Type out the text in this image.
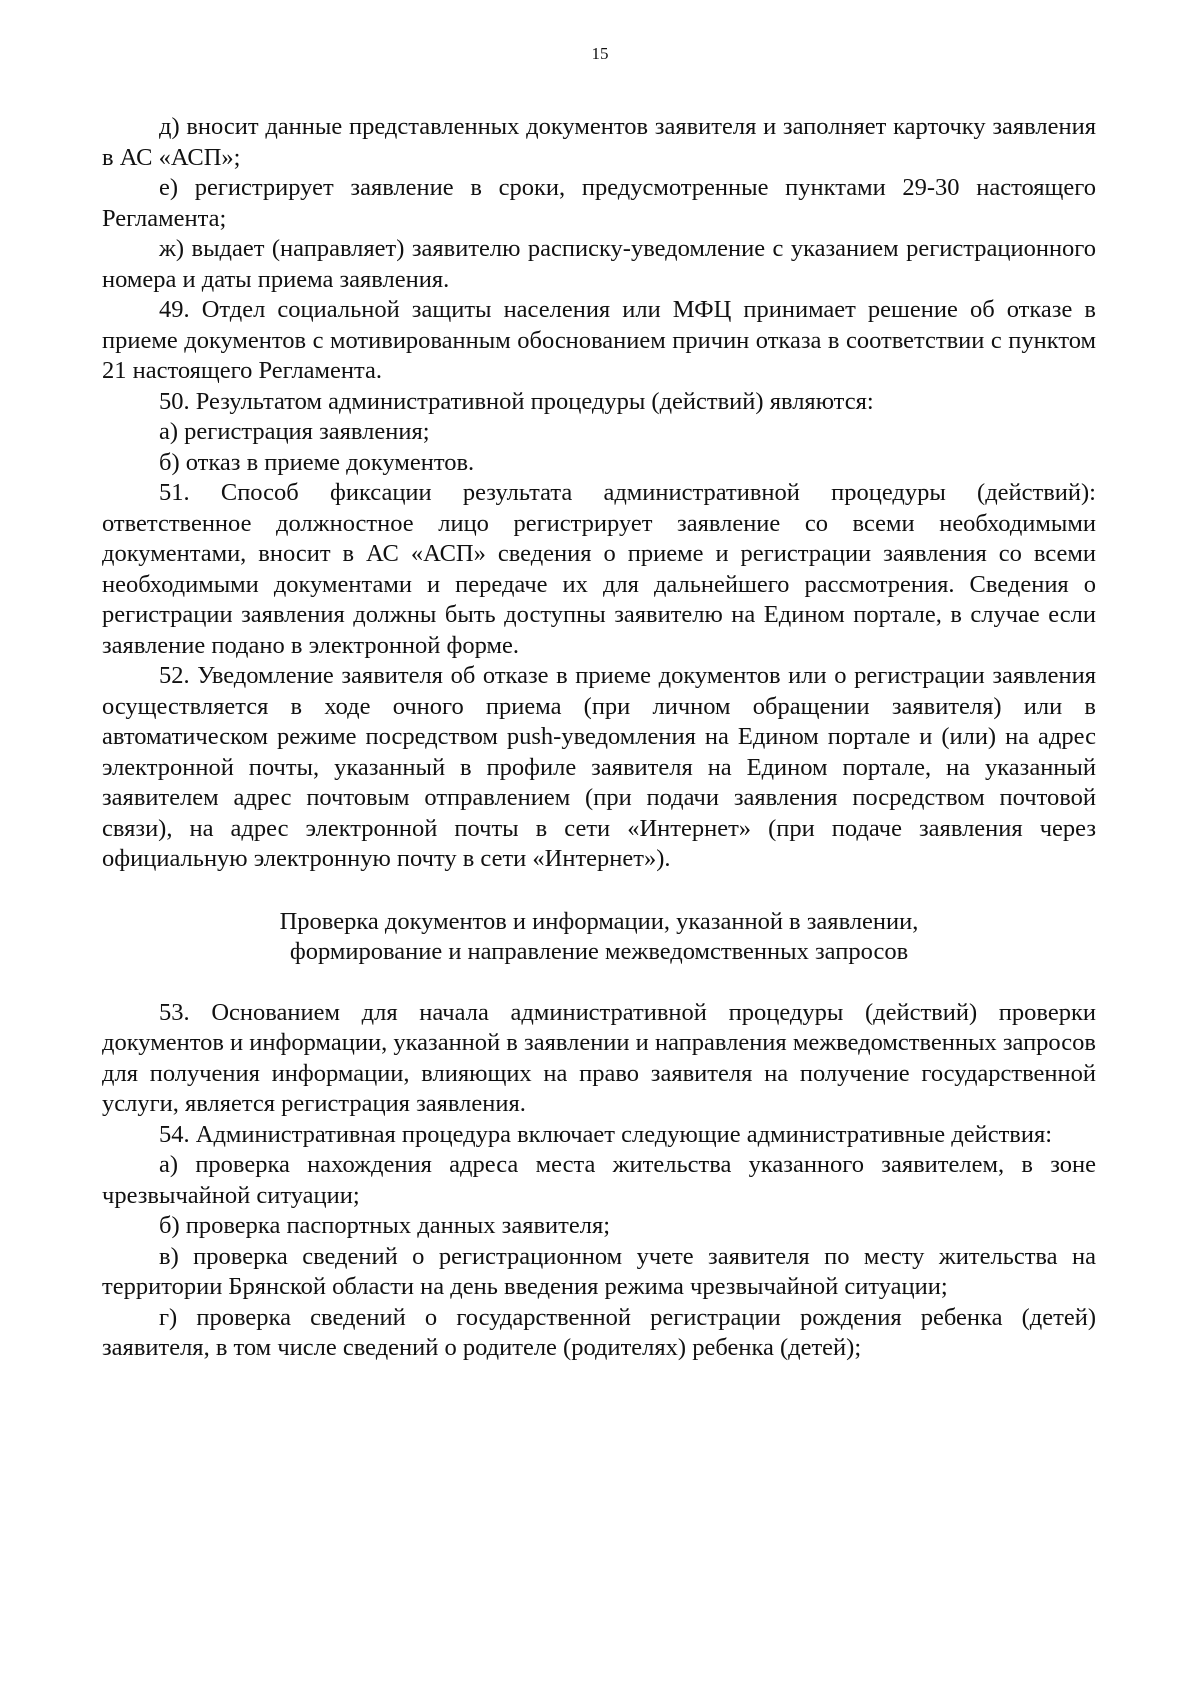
15

д) вносит данные представленных документов заявителя и заполняет карточку заявления в АС «АСП»;

е) регистрирует заявление в сроки, предусмотренные пунктами 29-30 настоящего Регламента;

ж) выдает (направляет) заявителю расписку-уведомление с указанием регистрационного номера и даты приема заявления.

49. Отдел социальной защиты населения или МФЦ принимает решение об отказе в приеме документов с мотивированным обоснованием причин отказа в соответствии с пунктом 21 настоящего Регламента.

50. Результатом административной процедуры (действий) являются:

а) регистрация заявления;

б) отказ в приеме документов.

51. Способ фиксации результата административной процедуры (действий): ответственное должностное лицо регистрирует заявление со всеми необходимыми документами, вносит в АС «АСП» сведения о приеме и регистрации заявления со всеми необходимыми документами и передаче их для дальнейшего рассмотрения. Сведения о регистрации заявления должны быть доступны заявителю на Едином портале, в случае если заявление подано в электронной форме.

52. Уведомление заявителя об отказе в приеме документов или о регистрации заявления осуществляется в ходе очного приема (при личном обращении заявителя) или в автоматическом режиме посредством push-уведомления на Едином портале и (или) на адрес электронной почты, указанный в профиле заявителя на Едином портале, на указанный заявителем адрес почтовым отправлением (при подачи заявления посредством почтовой связи), на адрес электронной почты в сети «Интернет» (при подаче заявления через официальную электронную почту в сети «Интернет»).

Проверка документов и информации, указанной в заявлении,
формирование и направление межведомственных запросов

53. Основанием для начала административной процедуры (действий) проверки документов и информации, указанной в заявлении и направления межведомственных запросов для получения информации, влияющих на право заявителя на получение государственной услуги, является регистрация заявления.

54. Административная процедура включает следующие административные действия:

а) проверка нахождения адреса места жительства указанного заявителем, в зоне чрезвычайной ситуации;

б) проверка паспортных данных заявителя;

в) проверка сведений о регистрационном учете заявителя по месту жительства на территории Брянской области на день введения режима чрезвычайной ситуации;

г) проверка сведений о государственной регистрации рождения ребенка (детей) заявителя, в том числе сведений о родителе (родителях) ребенка (детей);
